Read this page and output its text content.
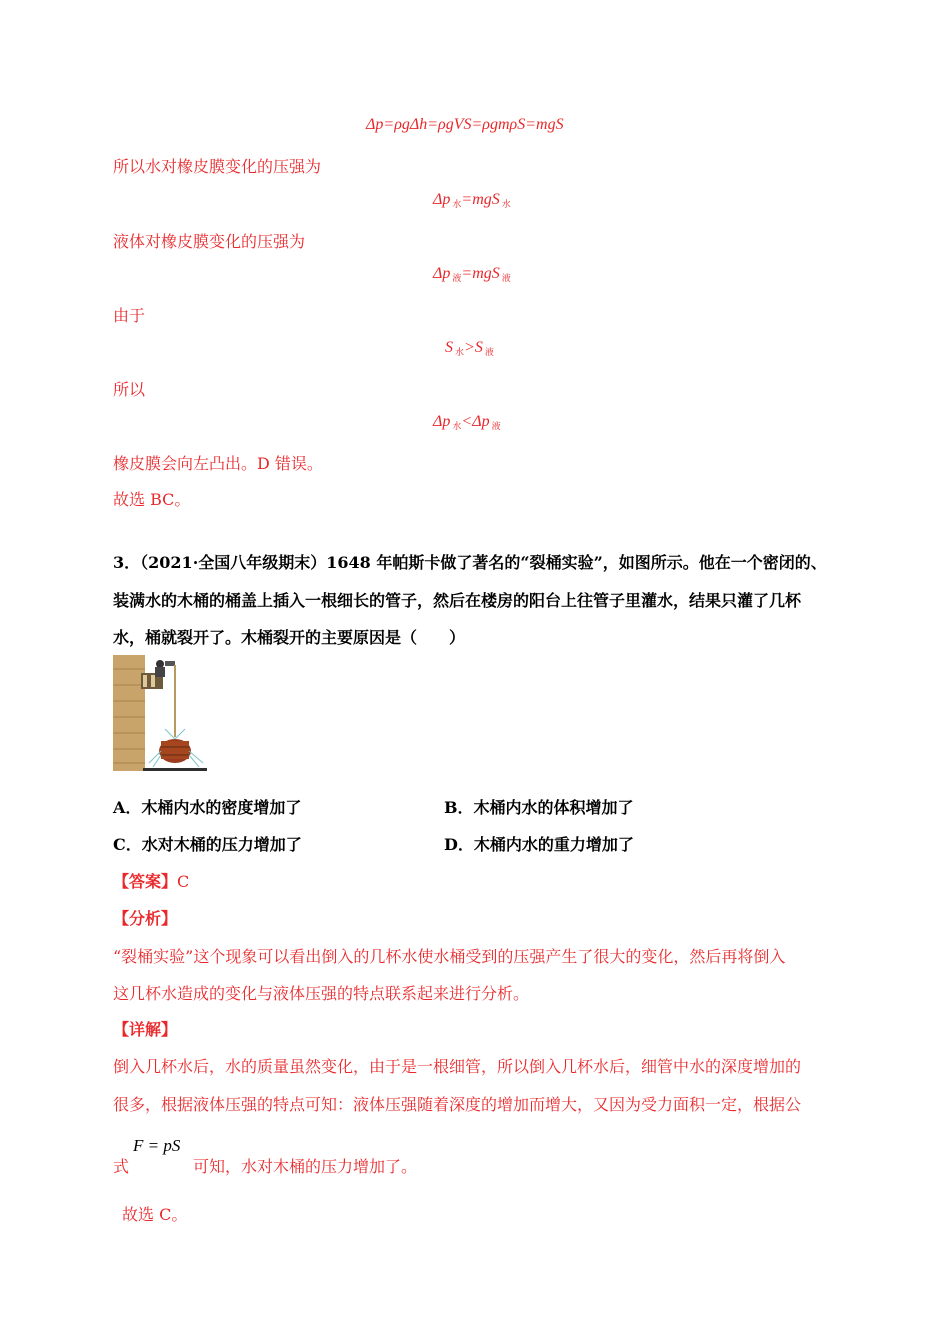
Δp=ρgΔh=ρgVS=ρgmρS=mgS
所以水对橡皮膜变化的压强为
Δp $_水$=mgS $_水$
液体对橡皮膜变化的压强为
Δp $_液$=mgS $_液$
由于
S $_水$>S $_液$
所以
Δp $_水$<Δp $_液$
橡皮膜会向左凸出。D 错误。
故选 BC。
3．（2021·全国八年级期末）1648 年帕斯卡做了著名的“裂桶实验”，如图所示。他在一个密闭的、
装满水的木桶的桶盖上插入一根细长的管子，然后在楼房的阳台上往管子里灌水，结果只灌了几杯
水，桶就裂开了。木桶裂开的主要原因是（　　）
A．木桶内水的密度增加了	B．木桶内水的体积增加了
C．水对木桶的压力增加了	D．木桶内水的重力增加了
【答案】C
【分析】
“裂桶实验”这个现象可以看出倒入的几杯水使水桶受到的压强产生了很大的变化，然后再将倒入
这几杯水造成的变化与液体压强的特点联系起来进行分析。
【详解】
倒入几杯水后，水的质量虽然变化，由于是一根细管，所以倒入几杯水后，细管中水的深度增加的
很多，根据液体压强的特点可知：液体压强随着深度的增加而增大，又因为受力面积一定，根据公
F = pS
式	可知，水对木桶的压力增加了。
故选 C。
